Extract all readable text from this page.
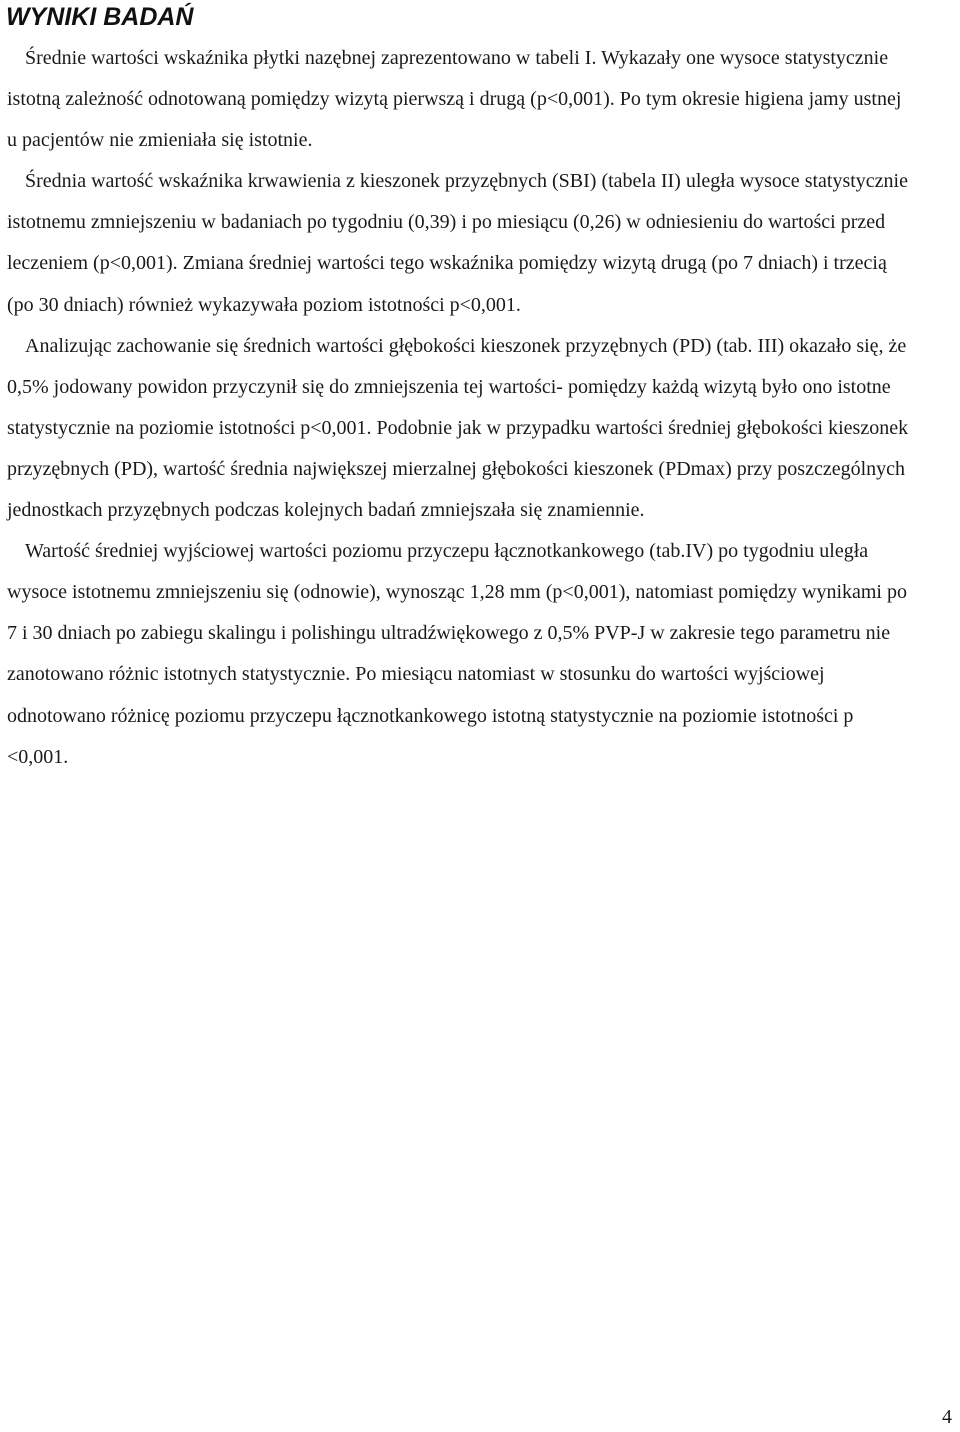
WYNIKI BADAŃ

Średnie wartości wskaźnika płytki nazębnej zaprezentowano w tabeli I. Wykazały one wysoce statystycznie istotną zależność odnotowaną pomiędzy wizytą pierwszą i drugą (p<0,001). Po tym okresie higiena jamy ustnej u pacjentów nie zmieniała się istotnie.

Średnia wartość wskaźnika krwawienia z kieszonek przyzębnych (SBI) (tabela II) uległa wysoce statystycznie istotnemu zmniejszeniu w badaniach po tygodniu (0,39) i po miesiącu (0,26) w odniesieniu do wartości przed leczeniem (p<0,001). Zmiana średniej wartości tego wskaźnika pomiędzy wizytą drugą (po 7 dniach) i trzecią (po 30 dniach) również wykazywała poziom istotności p<0,001.

Analizując zachowanie się średnich wartości głębokości kieszonek przyzębnych (PD) (tab. III) okazało się, że 0,5% jodowany powidon przyczynił się do zmniejszenia tej wartości- pomiędzy każdą wizytą było ono istotne statystycznie na poziomie istotności p<0,001. Podobnie jak w przypadku wartości średniej głębokości kieszonek przyzębnych (PD), wartość średnia największej mierzalnej głębokości kieszonek (PDmax) przy poszczególnych jednostkach przyzębnych podczas kolejnych badań zmniejszała się znamiennie.

Wartość średniej wyjściowej wartości poziomu przyczepu łącznotkankowego (tab.IV) po tygodniu uległa wysoce istotnemu zmniejszeniu się (odnowie), wynosząc 1,28 mm (p<0,001), natomiast pomiędzy wynikami po 7 i 30 dniach po zabiegu skalingu i polishingu ultradźwiękowego z 0,5% PVP-J w zakresie tego parametru nie zanotowano różnic istotnych statystycznie. Po miesiącu natomiast w stosunku do wartości wyjściowej odnotowano różnicę poziomu przyczepu łącznotkankowego istotną statystycznie na poziomie istotności p <0,001.

4
